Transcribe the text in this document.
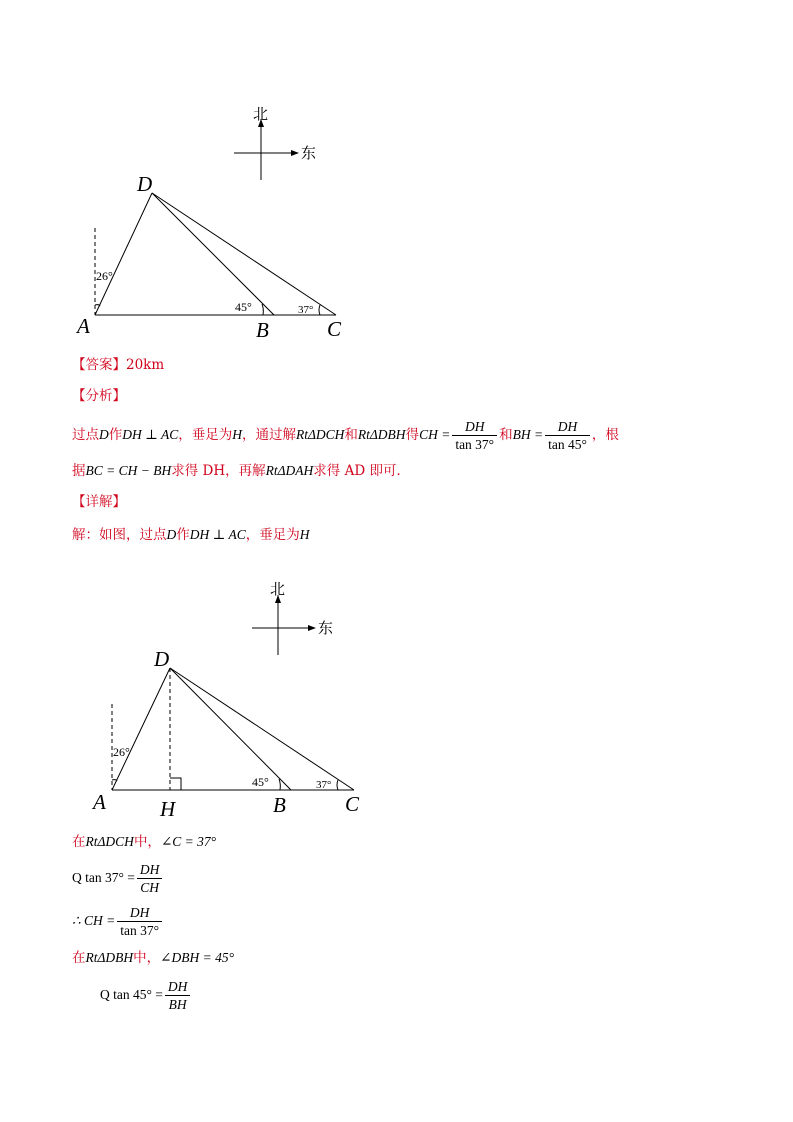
北
东
D
A	B	C
26°
45°	37°
【答案】20km
【分析】
过点D作DH ⊥ AC，垂足为H，通过解RtΔDCH和RtΔDBH得CH = $\frac{DH}{\tan 37^\circ}$ 和BH = $\frac{DH}{\tan 45^\circ}$ ，根
据BC = CH − BH求得 DH，再解RtΔDAH求得 AD 即可．
【详解】
解：如图，过点D作DH ⊥ AC，垂足为H
北
东
D
A	H	B	C
26°
45°	37°
在RtΔDCH中，∠C = 37°
Q $\tan 37^\circ = \frac{DH}{CH}$
∴ CH = $\frac{DH}{\tan 37^\circ}$
在RtΔDBH中，∠DBH = 45°
Q $\tan 45^\circ = \frac{DH}{BH}$
